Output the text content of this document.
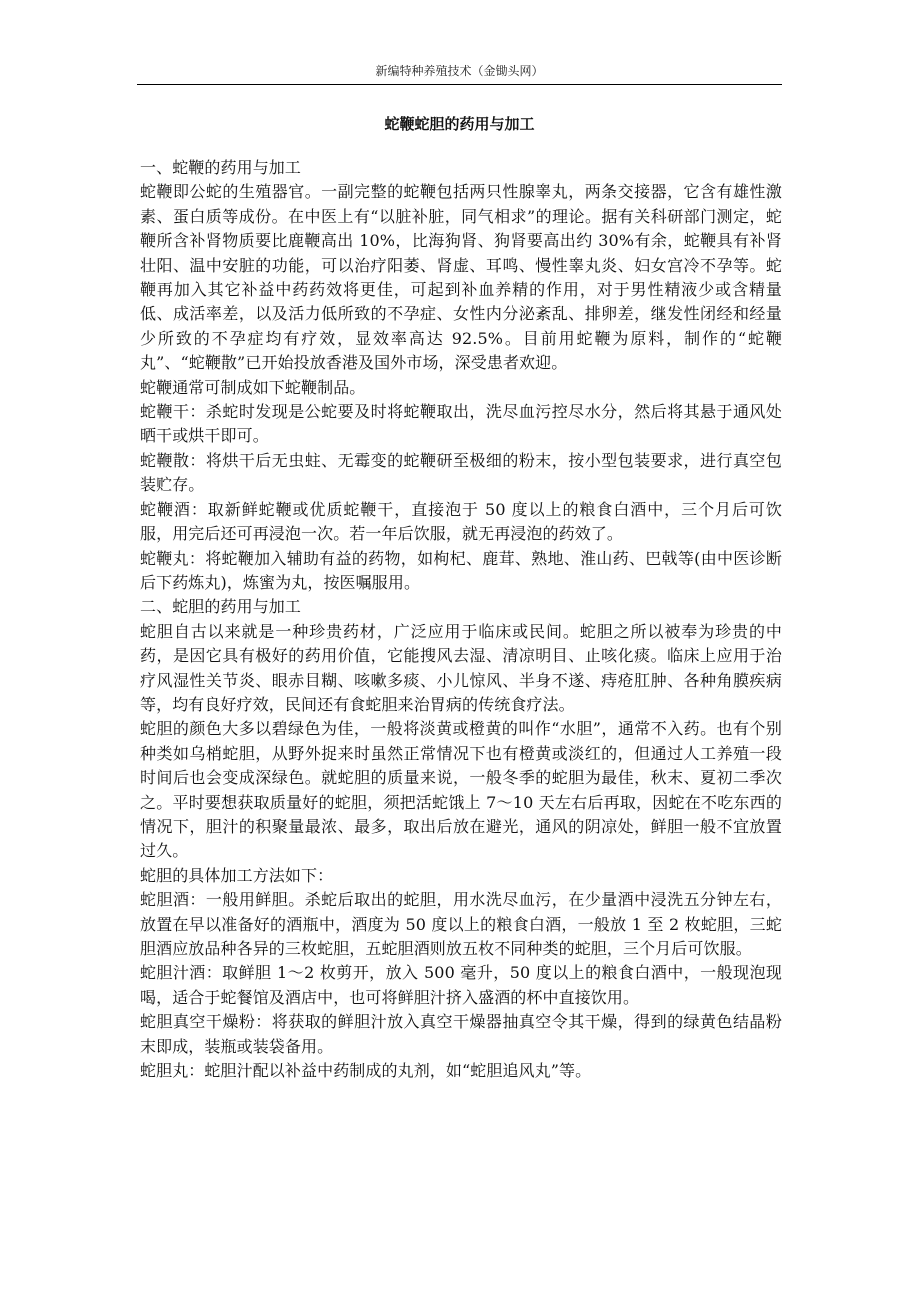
新编特种养殖技术（金锄头网）
蛇鞭蛇胆的药用与加工

一、蛇鞭的药用与加工

蛇鞭即公蛇的生殖器官。一副完整的蛇鞭包括两只性腺睾丸，两条交接器，它含有雄性激素、蛋白质等成份。在中医上有“以脏补脏，同气相求”的理论。据有关科研部门测定，蛇鞭所含补肾物质要比鹿鞭高出 10%，比海狗肾、狗肾要高出约 30%有余，蛇鞭具有补肾壮阳、温中安脏的功能，可以治疗阳萎、肾虚、耳鸣、慢性睾丸炎、妇女宫冷不孕等。蛇鞭再加入其它补益中药药效将更佳，可起到补血养精的作用，对于男性精液少或含精量低、成活率差，以及活力低所致的不孕症、女性内分泌紊乱、排卵差，继发性闭经和经量少所致的不孕症均有疗效，显效率高达 92.5%。目前用蛇鞭为原料，制作的“蛇鞭丸”、“蛇鞭散”已开始投放香港及国外市场，深受患者欢迎。

蛇鞭通常可制成如下蛇鞭制品。

蛇鞭干：杀蛇时发现是公蛇要及时将蛇鞭取出，洗尽血污控尽水分，然后将其悬于通风处晒干或烘干即可。

蛇鞭散：将烘干后无虫蛀、无霉变的蛇鞭研至极细的粉末，按小型包装要求，进行真空包装贮存。

蛇鞭酒：取新鲜蛇鞭或优质蛇鞭干，直接泡于 50 度以上的粮食白酒中，三个月后可饮服，用完后还可再浸泡一次。若一年后饮服，就无再浸泡的药效了。

蛇鞭丸：将蛇鞭加入辅助有益的药物，如枸杞、鹿茸、熟地、淮山药、巴戟等(由中医诊断后下药炼丸)，炼蜜为丸，按医嘱服用。

二、蛇胆的药用与加工

蛇胆自古以来就是一种珍贵药材，广泛应用于临床或民间。蛇胆之所以被奉为珍贵的中药，是因它具有极好的药用价值，它能搜风去湿、清凉明目、止咳化痰。临床上应用于治疗风湿性关节炎、眼赤目糊、咳嗽多痰、小儿惊风、半身不遂、痔疮肛肿、各种角膜疾病等，均有良好疗效，民间还有食蛇胆来治胃病的传统食疗法。

蛇胆的颜色大多以碧绿色为佳，一般将淡黄或橙黄的叫作“水胆”，通常不入药。也有个别种类如乌梢蛇胆，从野外捉来时虽然正常情况下也有橙黄或淡红的，但通过人工养殖一段时间后也会变成深绿色。就蛇胆的质量来说，一般冬季的蛇胆为最佳，秋末、夏初二季次之。平时要想获取质量好的蛇胆，须把活蛇饿上 7～10 天左右后再取，因蛇在不吃东西的情况下，胆汁的积聚量最浓、最多，取出后放在避光，通风的阴凉处，鲜胆一般不宜放置过久。

蛇胆的具体加工方法如下：

蛇胆酒：一般用鲜胆。杀蛇后取出的蛇胆，用水洗尽血污，在少量酒中浸洗五分钟左右，放置在早以准备好的酒瓶中，酒度为 50 度以上的粮食白酒，一般放 1 至 2 枚蛇胆，三蛇胆酒应放品种各异的三枚蛇胆，五蛇胆酒则放五枚不同种类的蛇胆，三个月后可饮服。

蛇胆汁酒：取鲜胆 1～2 枚剪开，放入 500 毫升，50 度以上的粮食白酒中，一般现泡现喝，适合于蛇餐馆及酒店中，也可将鲜胆汁挤入盛酒的杯中直接饮用。

蛇胆真空干燥粉：将获取的鲜胆汁放入真空干燥器抽真空令其干燥，得到的绿黄色结晶粉末即成，装瓶或装袋备用。

蛇胆丸：蛇胆汁配以补益中药制成的丸剂，如“蛇胆追风丸”等。
